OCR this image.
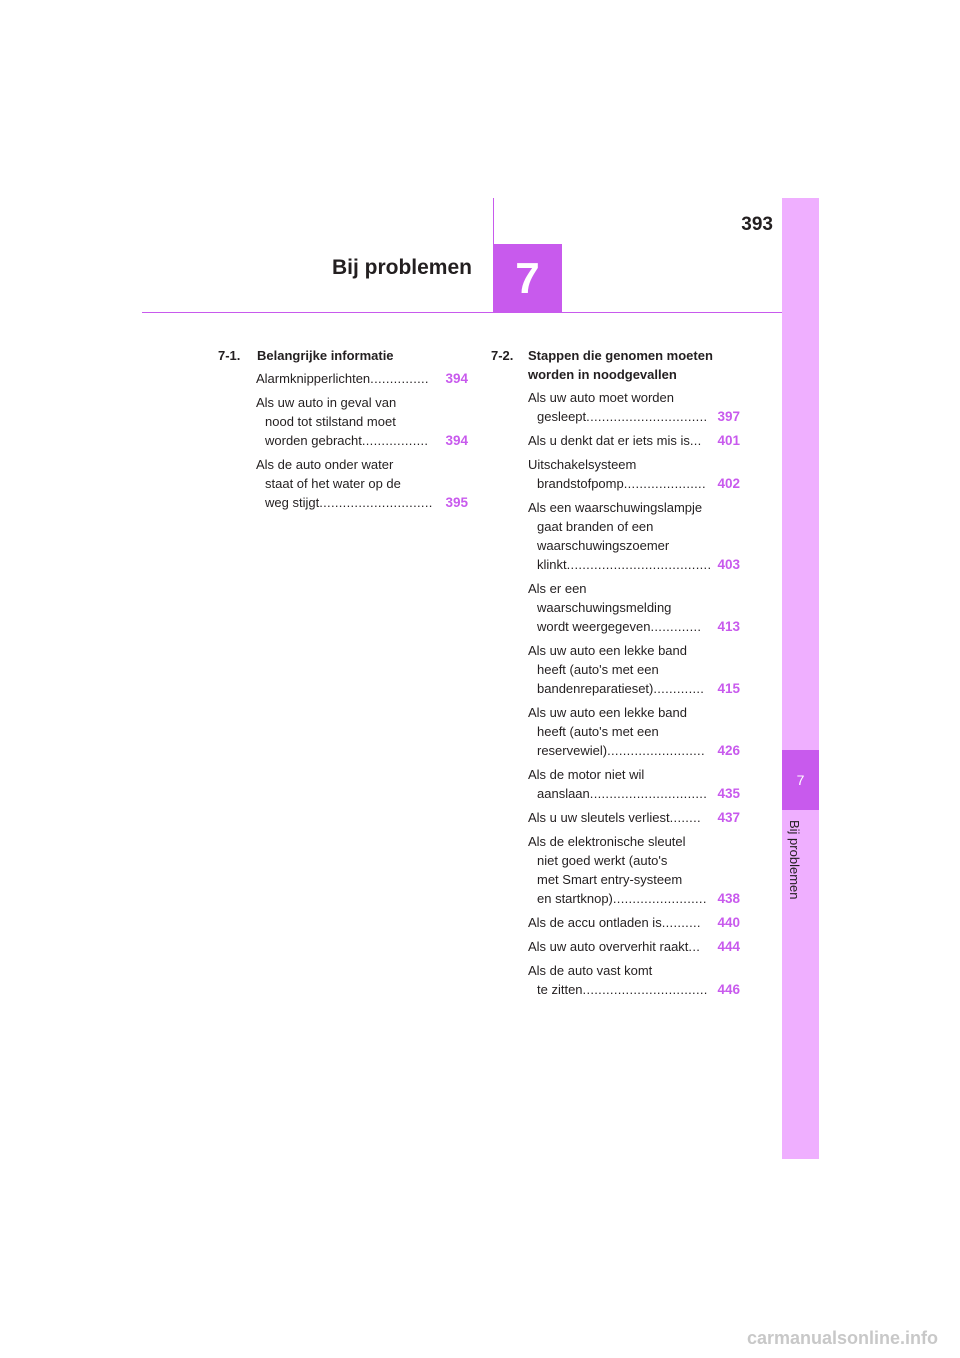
7
Bij problemen
393
7
Bij problemen
7-1.	Belangrijke informatie
Alarmknipperlichten ...............	394
Als uw auto in geval van
nood tot stilstand moet
worden gebracht .................	394
Als de auto onder water
staat of het water op de
weg stijgt ............................. 395
7-2.	Stappen die genomen moeten
worden in noodgevallen
Als uw auto moet worden
gesleept ............................... 397
Als u denkt dat er iets mis is ...	401
Uitschakelsysteem
brandstofpomp ..................... 402
Als een waarschuwingslampje
gaat branden of een
waarschuwingszoemer
klinkt ..................................... 403
Als er een
waarschuwingsmelding
wordt weergegeven .............	413
Als uw auto een lekke band
heeft (auto's met een
bandenreparatieset) ............. 415
Als uw auto een lekke band
heeft (auto's met een
reservewiel) ......................... 426
Als de motor niet wil
aanslaan .............................. 435
Als u uw sleutels verliest ........	437
Als de elektronische sleutel
niet goed werkt (auto's
met Smart entry-systeem
en startknop) ........................ 438
Als de accu ontladen is ..........	440
Als uw auto oververhit raakt ...	444
Als de auto vast komt
te zitten ................................ 446
carmanualsonline.info
